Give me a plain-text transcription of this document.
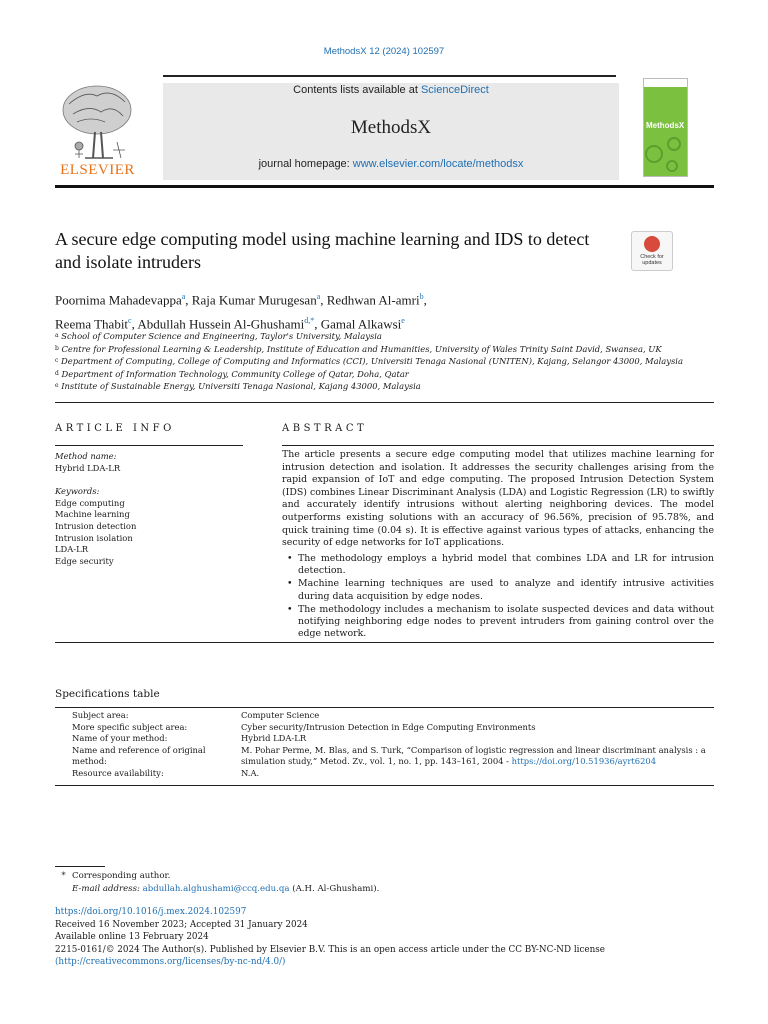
MethodsX 12 (2024) 102597
ELSEVIER
Contents lists available at ScienceDirect
MethodsX
journal homepage: www.elsevier.com/locate/methodsx
MethodsX
A secure edge computing model using machine learning and IDS to detect and isolate intruders	Check for updates
Poornima Mahadevappa$^a$, Raja Kumar Murugesan$^a$, Redhwan Al-amri$^b$,
Reema Thabit$^c$, Abdullah Hussein Al-Ghushami$^{d,*}$, Gamal Alkawsi$^e$
$^a$ School of Computer Science and Engineering, Taylor's University, Malaysia
$^b$ Centre for Professional Learning & Leadership, Institute of Education and Humanities, University of Wales Trinity Saint David, Swansea, UK
$^c$ Department of Computing, College of Computing and Informatics (CCI), Universiti Tenaga Nasional (UNITEN), Kajang, Selangor 43000, Malaysia
$^d$ Department of Information Technology, Community College of Qatar, Doha, Qatar
$^e$ Institute of Sustainable Energy, Universiti Tenaga Nasional, Kajang 43000, Malaysia
ARTICLE INFO
Method name:
Hybrid LDA-LR
Keywords:
Edge computing
Machine learning
Intrusion detection
Intrusion isolation
LDA-LR
Edge security
ABSTRACT
The article presents a secure edge computing model that utilizes machine learning for intrusion detection and isolation. It addresses the security challenges arising from the rapid expansion of IoT and edge computing. The proposed Intrusion Detection System (IDS) combines Linear Discriminant Analysis (LDA) and Logistic Regression (LR) to swiftly and accurately identify intrusions without alerting neighboring devices. The model outperforms existing solutions with an accuracy of 96.56%, precision of 95.78%, and quick training time (0.04 s). It is effective against various types of attacks, enhancing the security of edge networks for IoT applications.
• The methodology employs a hybrid model that combines LDA and LR for intrusion detection.
• Machine learning techniques are used to analyze and identify intrusive activities during data acquisition by edge nodes.
• The methodology includes a mechanism to isolate suspected devices and data without notifying neighboring edge nodes to prevent intruders from gaining control over the edge network.
Specifications table
Subject area:	Computer Science
More specific subject area:	Cyber security/Intrusion Detection in Edge Computing Environments
Name of your method:	Hybrid LDA-LR
Name and reference of original method:
M. Pohar Perme, M. Blas, and S. Turk, “Comparison of logistic regression and linear discriminant analysis : a simulation study,” Metod. Zv., vol. 1, no. 1, pp. 143–161, 2004 - https://doi.org/10.51936/ayrt6204
Resource availability:	N.A.
* Corresponding author.
E-mail address: abdullah.alghushami@ccq.edu.qa (A.H. Al-Ghushami).
https://doi.org/10.1016/j.mex.2024.102597
Received 16 November 2023; Accepted 31 January 2024
Available online 13 February 2024
2215-0161/© 2024 The Author(s). Published by Elsevier B.V. This is an open access article under the CC BY-NC-ND license
(http://creativecommons.org/licenses/by-nc-nd/4.0/)
